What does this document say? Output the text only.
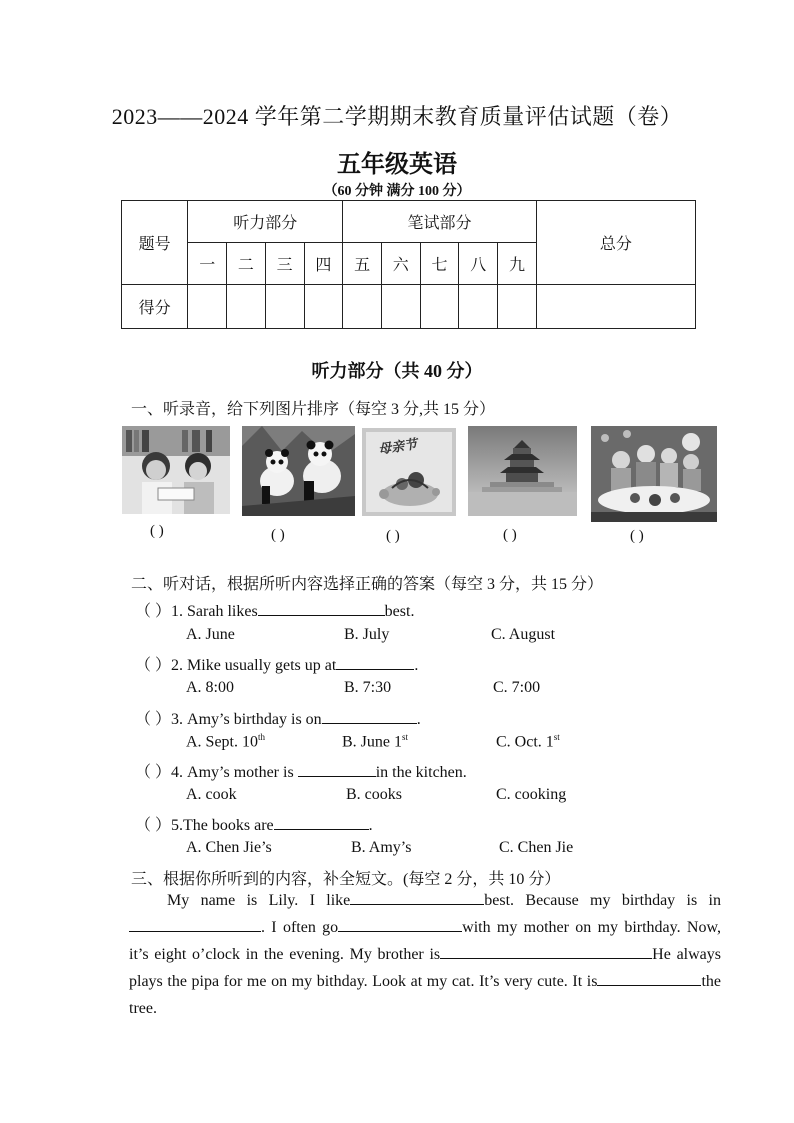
2023——2024 学年第二学期期末教育质量评估试题（卷）
五年级英语
（60 分钟 满分 100 分）
题号	听力部分				笔试部分					总分
	一	二	三	四	五	六	七	八	九	
得分										
听力部分（共 40 分）
一、听录音，给下列图片排序（每空 3 分,共 15 分）
( )	( )
母亲节
( )	( )	( )
二、听对话，根据所听内容选择正确的答案（每空 3 分，共 15 分）
（ ）1. Sarah likes	best.
A. June	B. July	C. August
（ ）2. Mike usually gets up at	.
A. 8:00	B. 7:30	C. 7:00
（ ）3. Amy’s birthday is on	.
A. Sept. 10th	B. June 1st	C. Oct. 1st
（ ）4. Amy’s mother is	in the kitchen.
A. cook	B. cooks	C. cooking
（ ）5.The books are	.
A. Chen Jie’s	B. Amy’s	C. Chen Jie
三、根据你所听到的内容，补全短文。(每空 2 分，共 10 分）
My name is Lily. I like	best. Because my birthday is in. I often go	with my mother on my birthday. Now, it’s eight o’clock in the evening. My brother is	He always plays the pipa for me on my bithday. Look at my cat. It’s very cute. It is	the tree.
